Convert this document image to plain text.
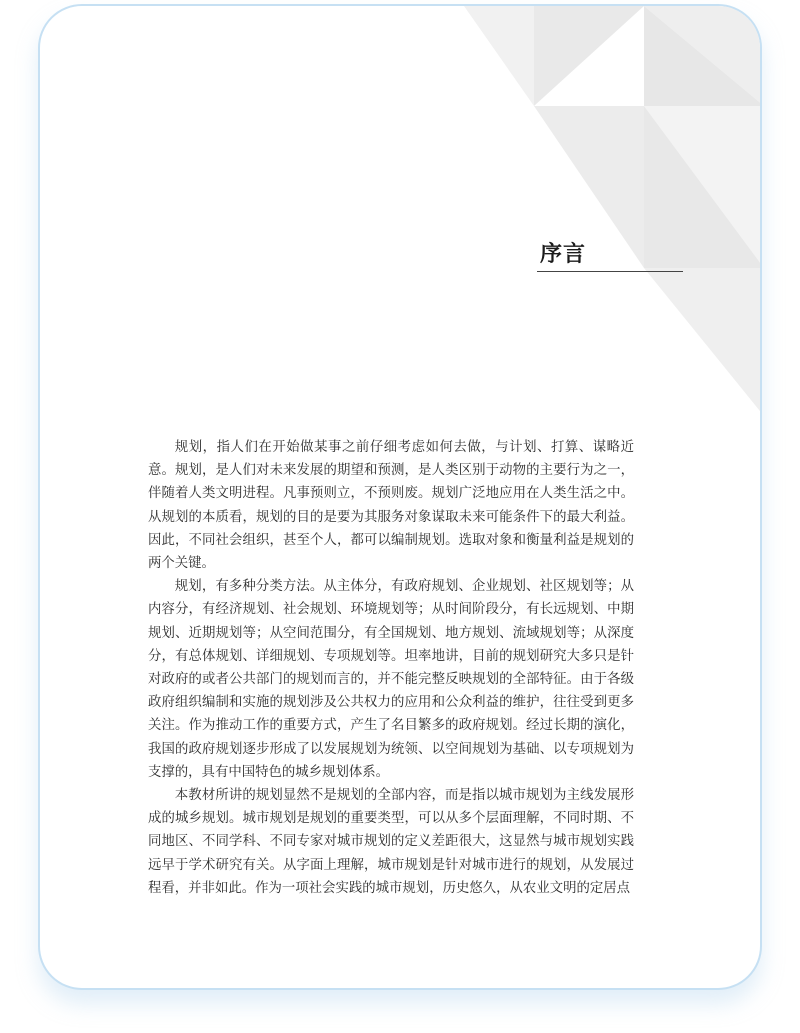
序言

规划，指人们在开始做某事之前仔细考虑如何去做，与计划、打算、谋略近意。规划，是人们对未来发展的期望和预测，是人类区别于动物的主要行为之一，伴随着人类文明进程。凡事预则立，不预则废。规划广泛地应用在人类生活之中。从规划的本质看，规划的目的是要为其服务对象谋取未来可能条件下的最大利益。因此，不同社会组织，甚至个人，都可以编制规划。选取对象和衡量利益是规划的两个关键。

规划，有多种分类方法。从主体分，有政府规划、企业规划、社区规划等；从内容分，有经济规划、社会规划、环境规划等；从时间阶段分，有长远规划、中期规划、近期规划等；从空间范围分，有全国规划、地方规划、流域规划等；从深度分，有总体规划、详细规划、专项规划等。坦率地讲，目前的规划研究大多只是针对政府的或者公共部门的规划而言的，并不能完整反映规划的全部特征。由于各级政府组织编制和实施的规划涉及公共权力的应用和公众利益的维护，往往受到更多关注。作为推动工作的重要方式，产生了名目繁多的政府规划。经过长期的演化，我国的政府规划逐步形成了以发展规划为统领、以空间规划为基础、以专项规划为支撑的，具有中国特色的城乡规划体系。

本教材所讲的规划显然不是规划的全部内容，而是指以城市规划为主线发展形成的城乡规划。城市规划是规划的重要类型，可以从多个层面理解，不同时期、不同地区、不同学科、不同专家对城市规划的定义差距很大，这显然与城市规划实践远早于学术研究有关。从字面上理解，城市规划是针对城市进行的规划，从发展过程看，并非如此。作为一项社会实践的城市规划，历史悠久，从农业文明的定居点
